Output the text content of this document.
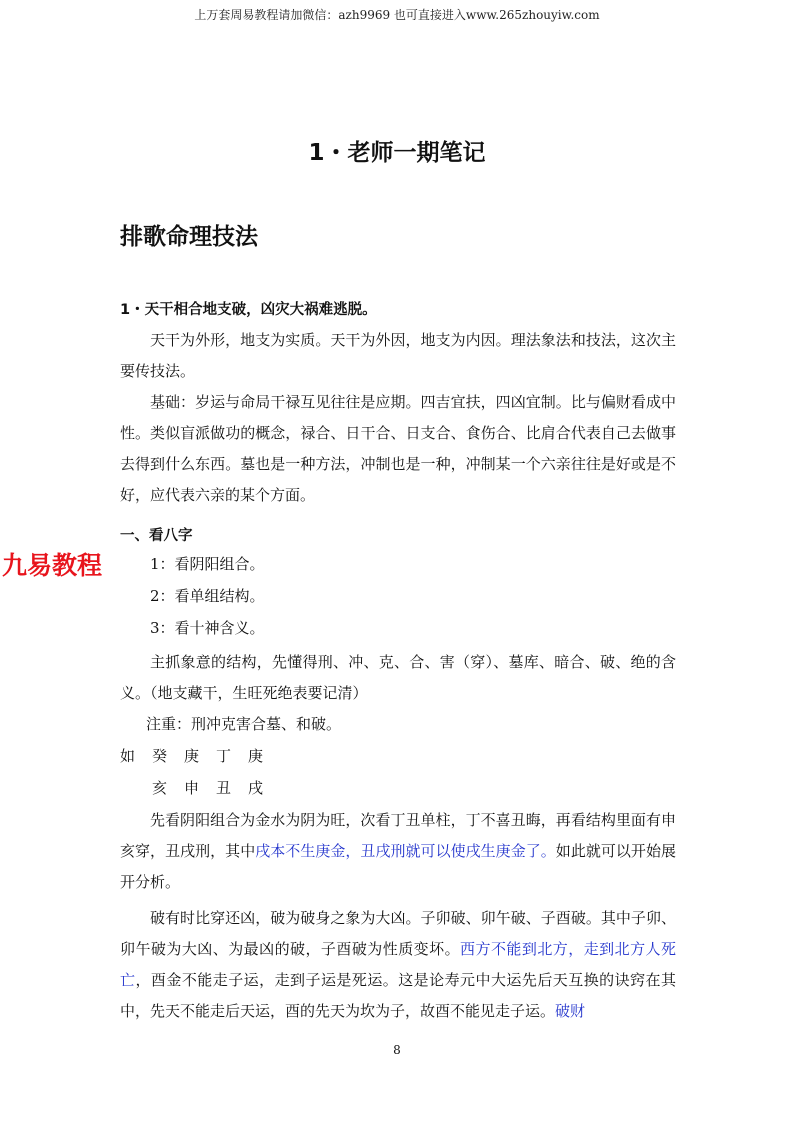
上万套周易教程请加微信：azh9969 也可直接进入www.265zhouyiw.com
1・老师一期笔记
排歌命理技法
1・天干相合地支破，凶灾大祸难逃脱。

天干为外形，地支为实质。天干为外因，地支为内因。理法象法和技法，这次主要传技法。

基础：岁运与命局干禄互见往往是应期。四吉宜扶，四凶宜制。比与偏财看成中性。类似盲派做功的概念，禄合、日干合、日支合、食伤合、比肩合代表自己去做事去得到什么东西。墓也是一种方法，冲制也是一种，冲制某一个六亲往往是好或是不好，应代表六亲的某个方面。

一、看八字
九易教程	1：看阴阳组合。
2：看单组结构。
3：看十神含义。

主抓象意的结构，先懂得刑、冲、克、合、害（穿）、墓库、暗合、破、绝的含义。（地支藏干，生旺死绝表要记清）

注重：刑冲克害合墓、和破。
如 癸 庚 丁 庚
亥 申 丑 戌

先看阴阳组合为金水为阴为旺，次看丁丑单柱，丁不喜丑晦，再看结构里面有申亥穿，丑戌刑，其中戌本不生庚金，丑戌刑就可以使戌生庚金了。如此就可以开始展开分析。

破有时比穿还凶，破为破身之象为大凶。子卯破、卯午破、子酉破。其中子卯、卯午破为大凶、为最凶的破，子酉破为性质变坏。西方不能到北方，走到北方人死亡，酉金不能走子运，走到子运是死运。这是论寿元中大运先后天互换的诀窍在其中，先天不能走后天运，酉的先天为坎为子，故酉不能见走子运。破财

8
